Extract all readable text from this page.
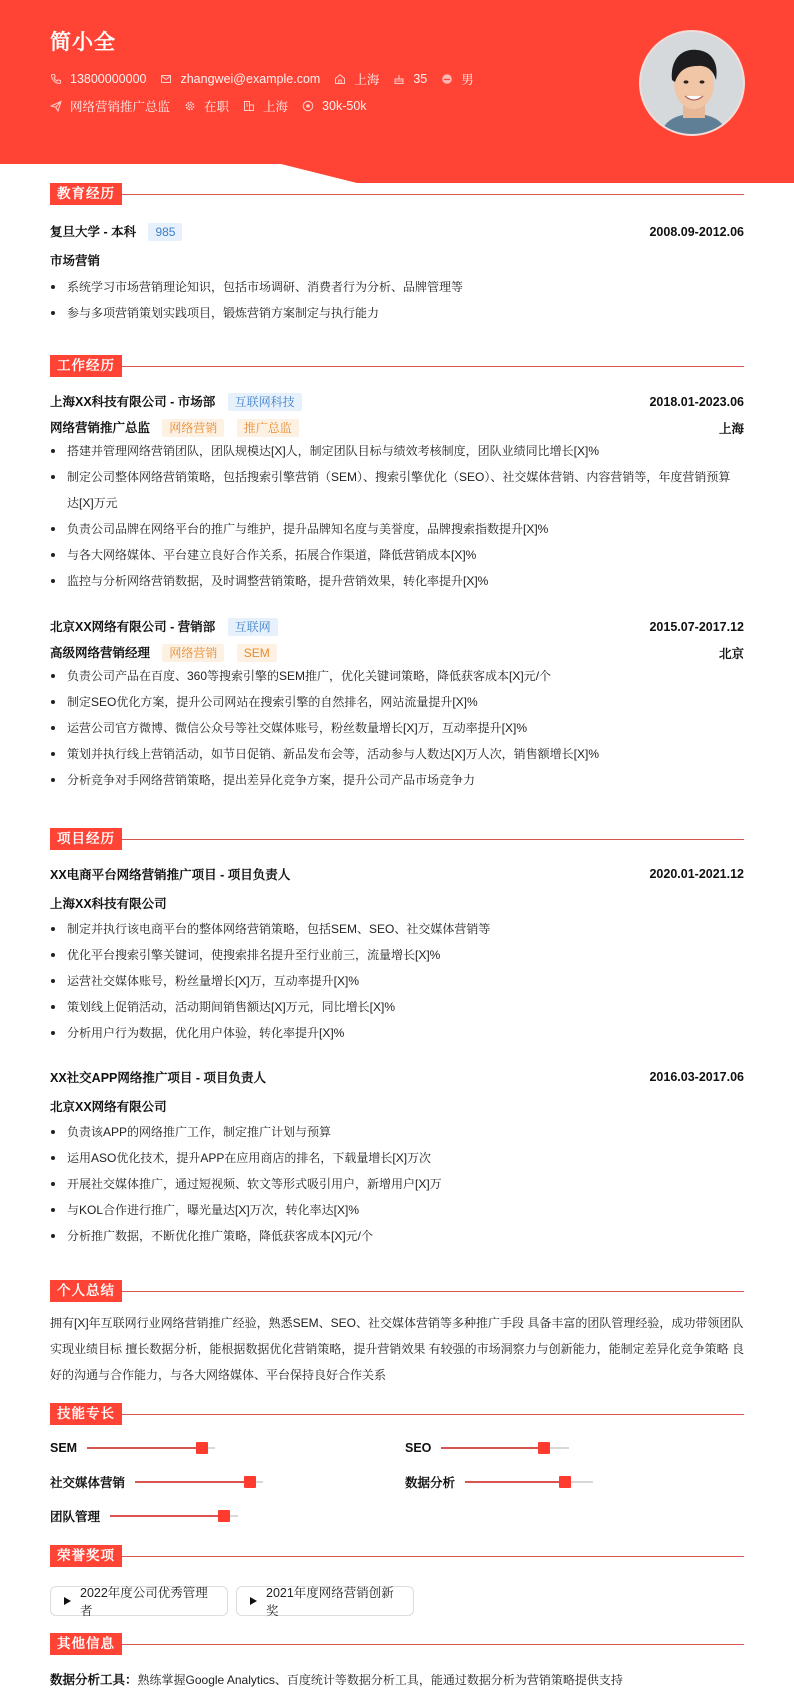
简小全
13800000000	zhangwei@example.com	上海	35	男
网络营销推广总监	在职	上海	30k-50k
教育经历
复旦大学 - 本科 985	2008.09-2012.06
市场营销
系统学习市场营销理论知识，包括市场调研、消费者行为分析、品牌管理等
参与多项营销策划实践项目，锻炼营销方案制定与执行能力
工作经历
上海XX科技有限公司 - 市场部 互联网科技	2018.01-2023.06
网络营销推广总监 网络营销 推广总监	上海
搭建并管理网络营销团队，团队规模达[X]人，制定团队目标与绩效考核制度，团队业绩同比增长[X]%
制定公司整体网络营销策略，包括搜索引擎营销（SEM）、搜索引擎优化（SEO）、社交媒体营销、内容营销等，年度营销预算达[X]万元
负责公司品牌在网络平台的推广与维护，提升品牌知名度与美誉度，品牌搜索指数提升[X]%
与各大网络媒体、平台建立良好合作关系，拓展合作渠道，降低营销成本[X]%
监控与分析网络营销数据，及时调整营销策略，提升营销效果，转化率提升[X]%
北京XX网络有限公司 - 营销部 互联网	2015.07-2017.12
高级网络营销经理 网络营销 SEM	北京
负责公司产品在百度、360等搜索引擎的SEM推广，优化关键词策略，降低获客成本[X]元/个
制定SEO优化方案，提升公司网站在搜索引擎的自然排名，网站流量提升[X]%
运营公司官方微博、微信公众号等社交媒体账号，粉丝数量增长[X]万，互动率提升[X]%
策划并执行线上营销活动，如节日促销、新品发布会等，活动参与人数达[X]万人次，销售额增长[X]%
分析竞争对手网络营销策略，提出差异化竞争方案，提升公司产品市场竞争力
项目经历
XX电商平台网络营销推广项目 - 项目负责人	2020.01-2021.12
上海XX科技有限公司
制定并执行该电商平台的整体网络营销策略，包括SEM、SEO、社交媒体营销等
优化平台搜索引擎关键词，使搜索排名提升至行业前三，流量增长[X]%
运营社交媒体账号，粉丝量增长[X]万，互动率提升[X]%
策划线上促销活动，活动期间销售额达[X]万元，同比增长[X]%
分析用户行为数据，优化用户体验，转化率提升[X]%
XX社交APP网络推广项目 - 项目负责人	2016.03-2017.06
北京XX网络有限公司
负责该APP的网络推广工作，制定推广计划与预算
运用ASO优化技术，提升APP在应用商店的排名，下载量增长[X]万次
开展社交媒体推广，通过短视频、软文等形式吸引用户，新增用户[X]万
与KOL合作进行推广，曝光量达[X]万次，转化率达[X]%
分析推广数据，不断优化推广策略，降低获客成本[X]元/个
个人总结
拥有[X]年互联网行业网络营销推广经验，熟悉SEM、SEO、社交媒体营销等多种推广手段 具备丰富的团队管理经验，成功带领团队
实现业绩目标 擅长数据分析，能根据数据优化营销策略，提升营销效果 有较强的市场洞察力与创新能力，能制定差异化竞争策略 良
好的沟通与合作能力，与各大网络媒体、平台保持良好合作关系
技能专长
SEM	SEO
社交媒体营销	数据分析
团队管理
荣誉奖项
2022年度公司优秀管理者
2021年度网络营销创新奖
其他信息
数据分析工具：熟练掌握Google Analytics、百度统计等数据分析工具，能通过数据分析为营销策略提供支持
